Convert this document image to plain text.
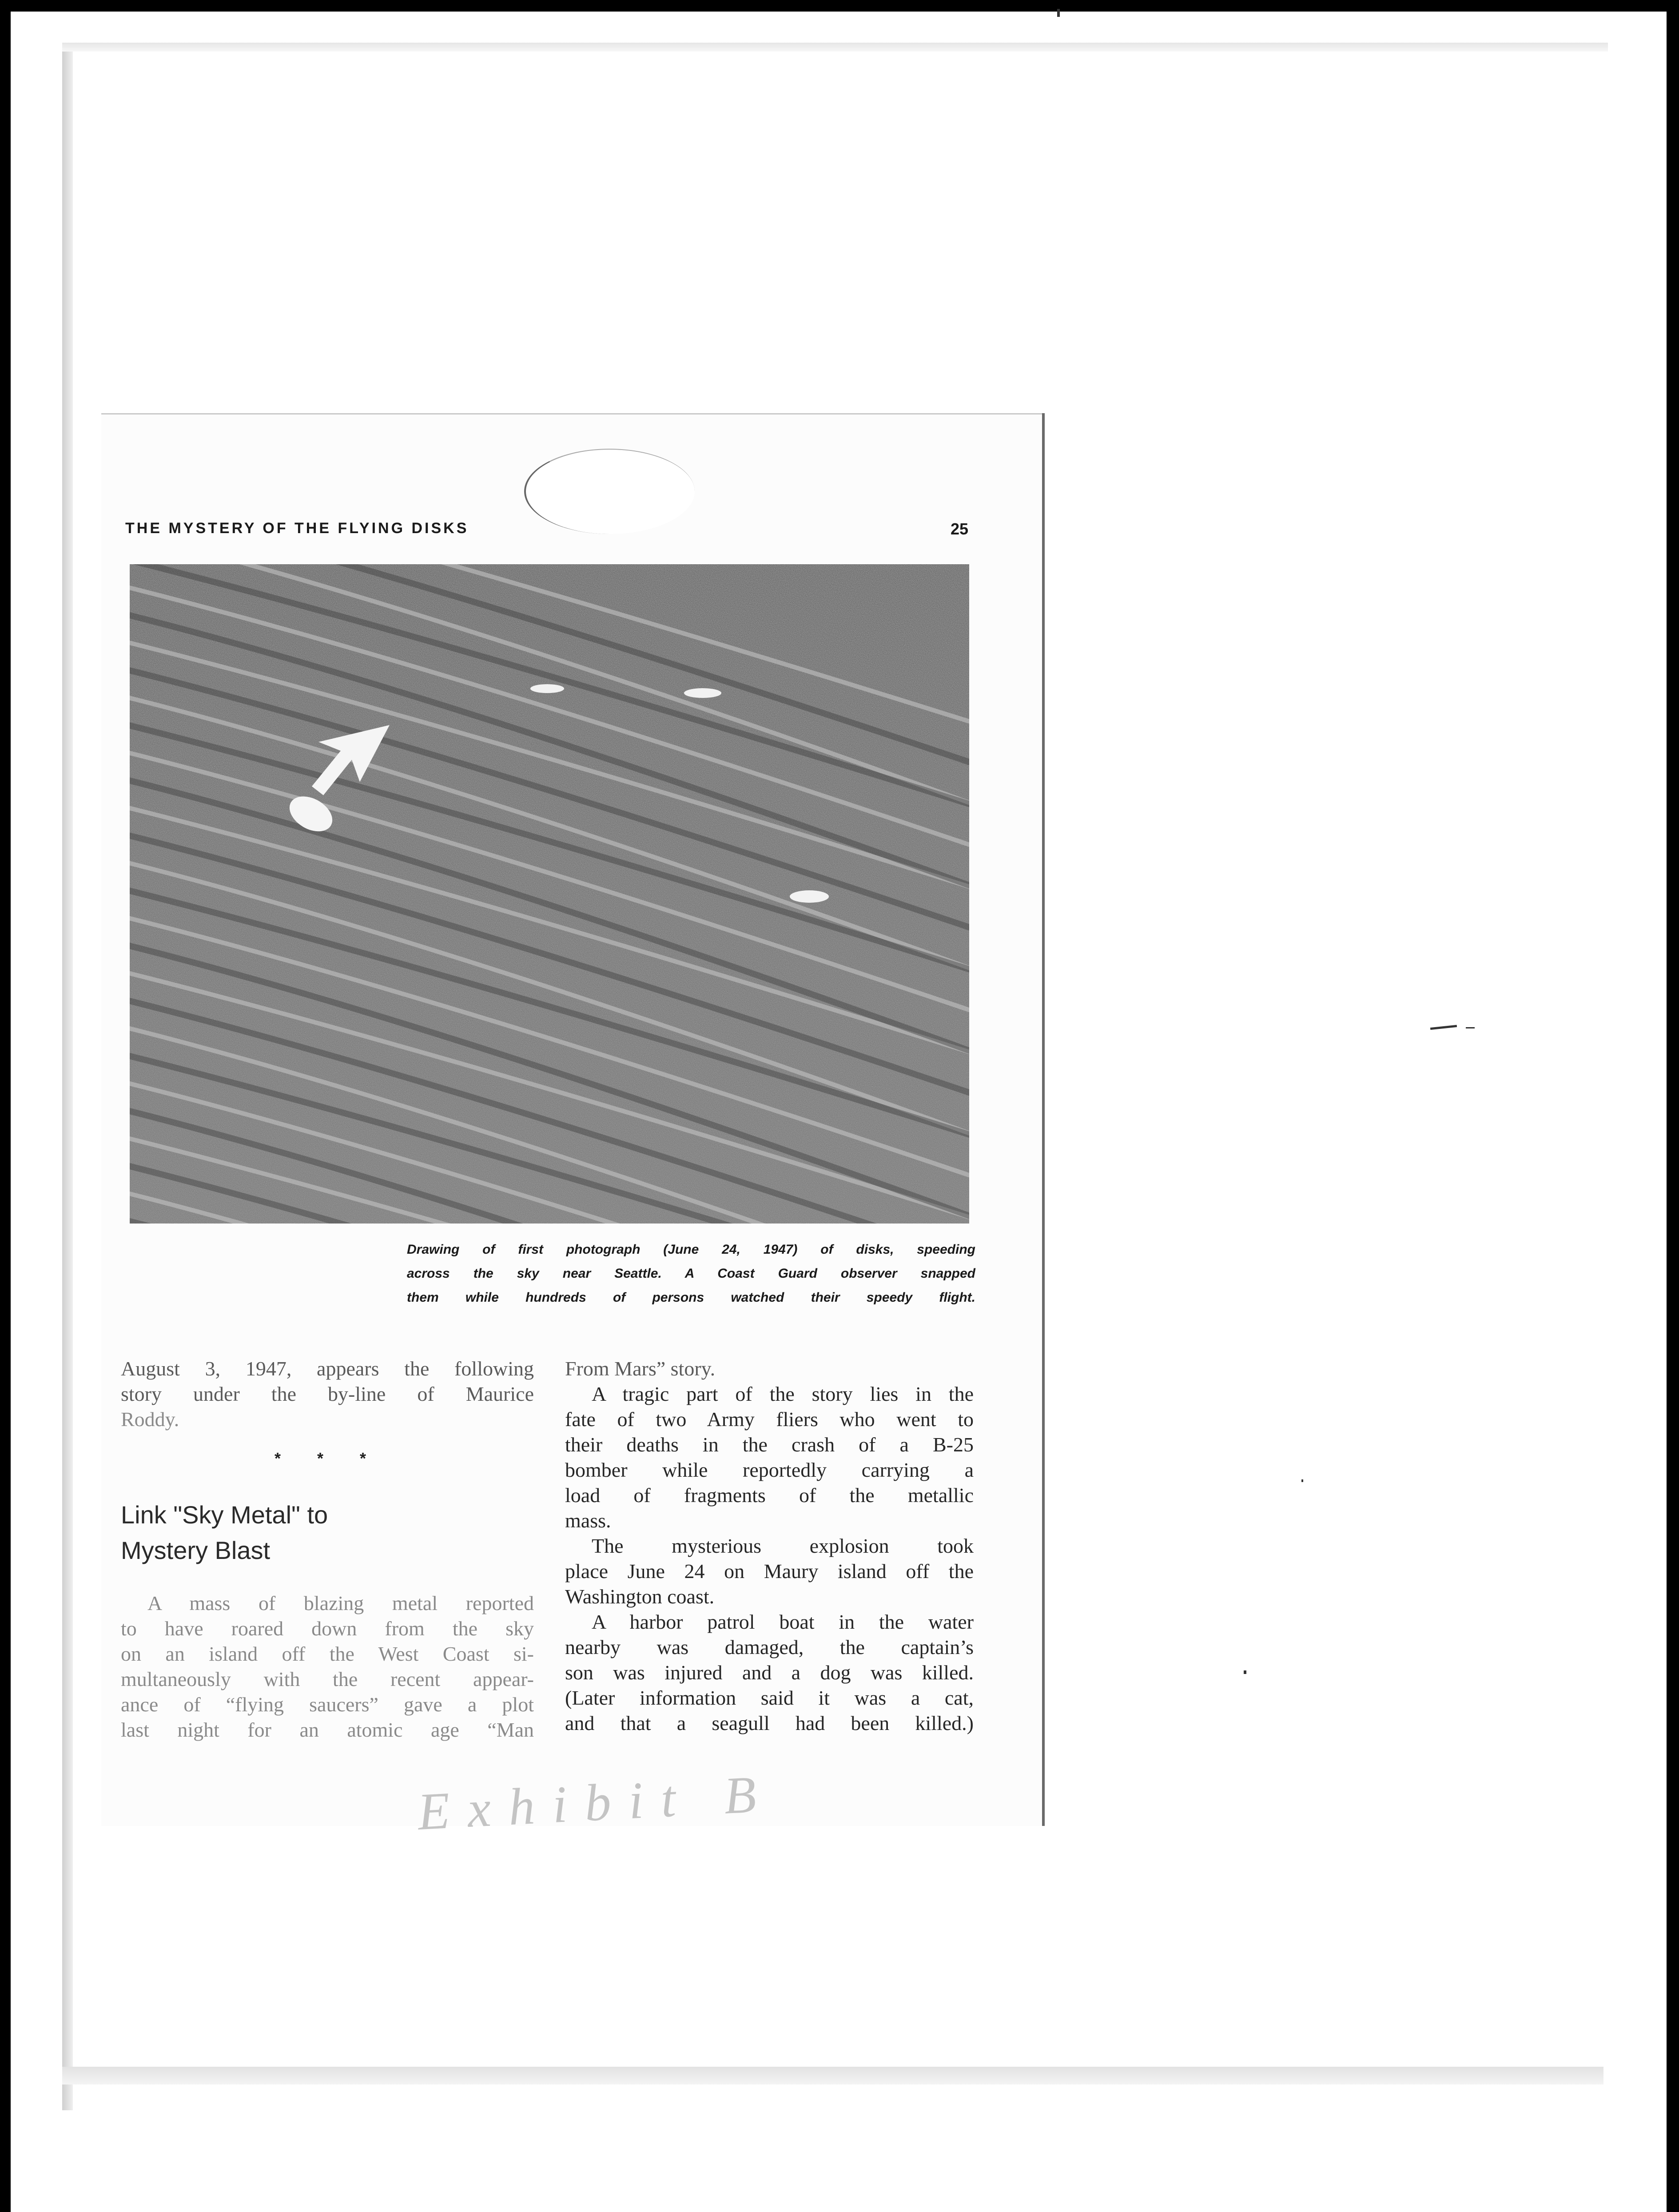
THE MYSTERY OF THE FLYING DISKS	25
Drawing of first photograph (June 24, 1947) of disks, speeding
across the sky near Seattle. A Coast Guard observer snapped
them while hundreds of persons watched their speedy flight.
August 3, 1947, appears the following
story under the by-line of Maurice
Roddy.
* * *
Link "Sky Metal" to
Mystery Blast
A mass of blazing metal reported
to have roared down from the sky
on an island off the West Coast si-
multaneously with the recent appear-
ance of “flying saucers” gave a plot
last night for an atomic age “Man
From Mars” story.
A tragic part of the story lies in the
fate of two Army fliers who went to
their deaths in the crash of a B-25
bomber while reportedly carrying a
load of fragments of the metallic
mass.
The mysterious explosion took
place June 24 on Maury island off the
Washington coast.
A harbor patrol boat in the water
nearby was damaged, the captain’s
son was injured and a dog was killed.
(Later information said it was a cat,
and that a seagull had been killed.)
Exhibit B
